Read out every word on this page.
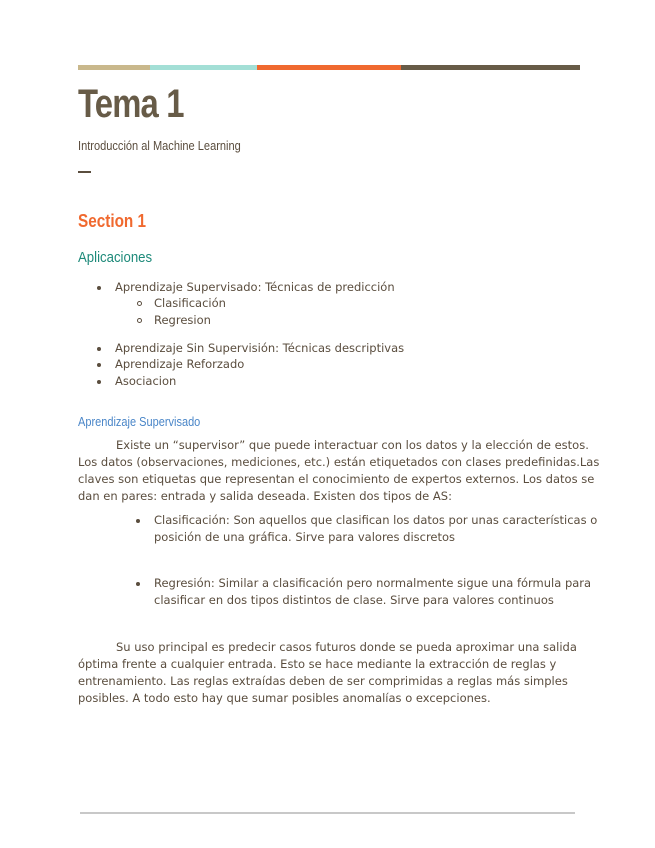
Tema 1
Introducción al Machine Learning
Section 1
Aplicaciones
Aprendizaje Supervisado: Técnicas de predicción
Clasificación
Regresion
Aprendizaje Sin Supervisión: Técnicas descriptivas
Aprendizaje Reforzado
Asociacion
Aprendizaje Supervisado
Existe un “supervisor” que puede interactuar con los datos y la elección de estos.
Los datos (observaciones, mediciones, etc.) están etiquetados con clases predefinidas.Las
claves son etiquetas que representan el conocimiento de expertos externos. Los datos se
dan en pares: entrada y salida deseada. Existen dos tipos de AS:
Clasificación: Son aquellos que clasifican los datos por unas características o
posición de una gráfica. Sirve para valores discretos
Regresión: Similar a clasificación pero normalmente sigue una fórmula para
clasificar en dos tipos distintos de clase. Sirve para valores continuos
Su uso principal es predecir casos futuros donde se pueda aproximar una salida
óptima frente a cualquier entrada. Esto se hace mediante la extracción de reglas y
entrenamiento. Las reglas extraídas deben de ser comprimidas a reglas más simples
posibles. A todo esto hay que sumar posibles anomalías o excepciones.
